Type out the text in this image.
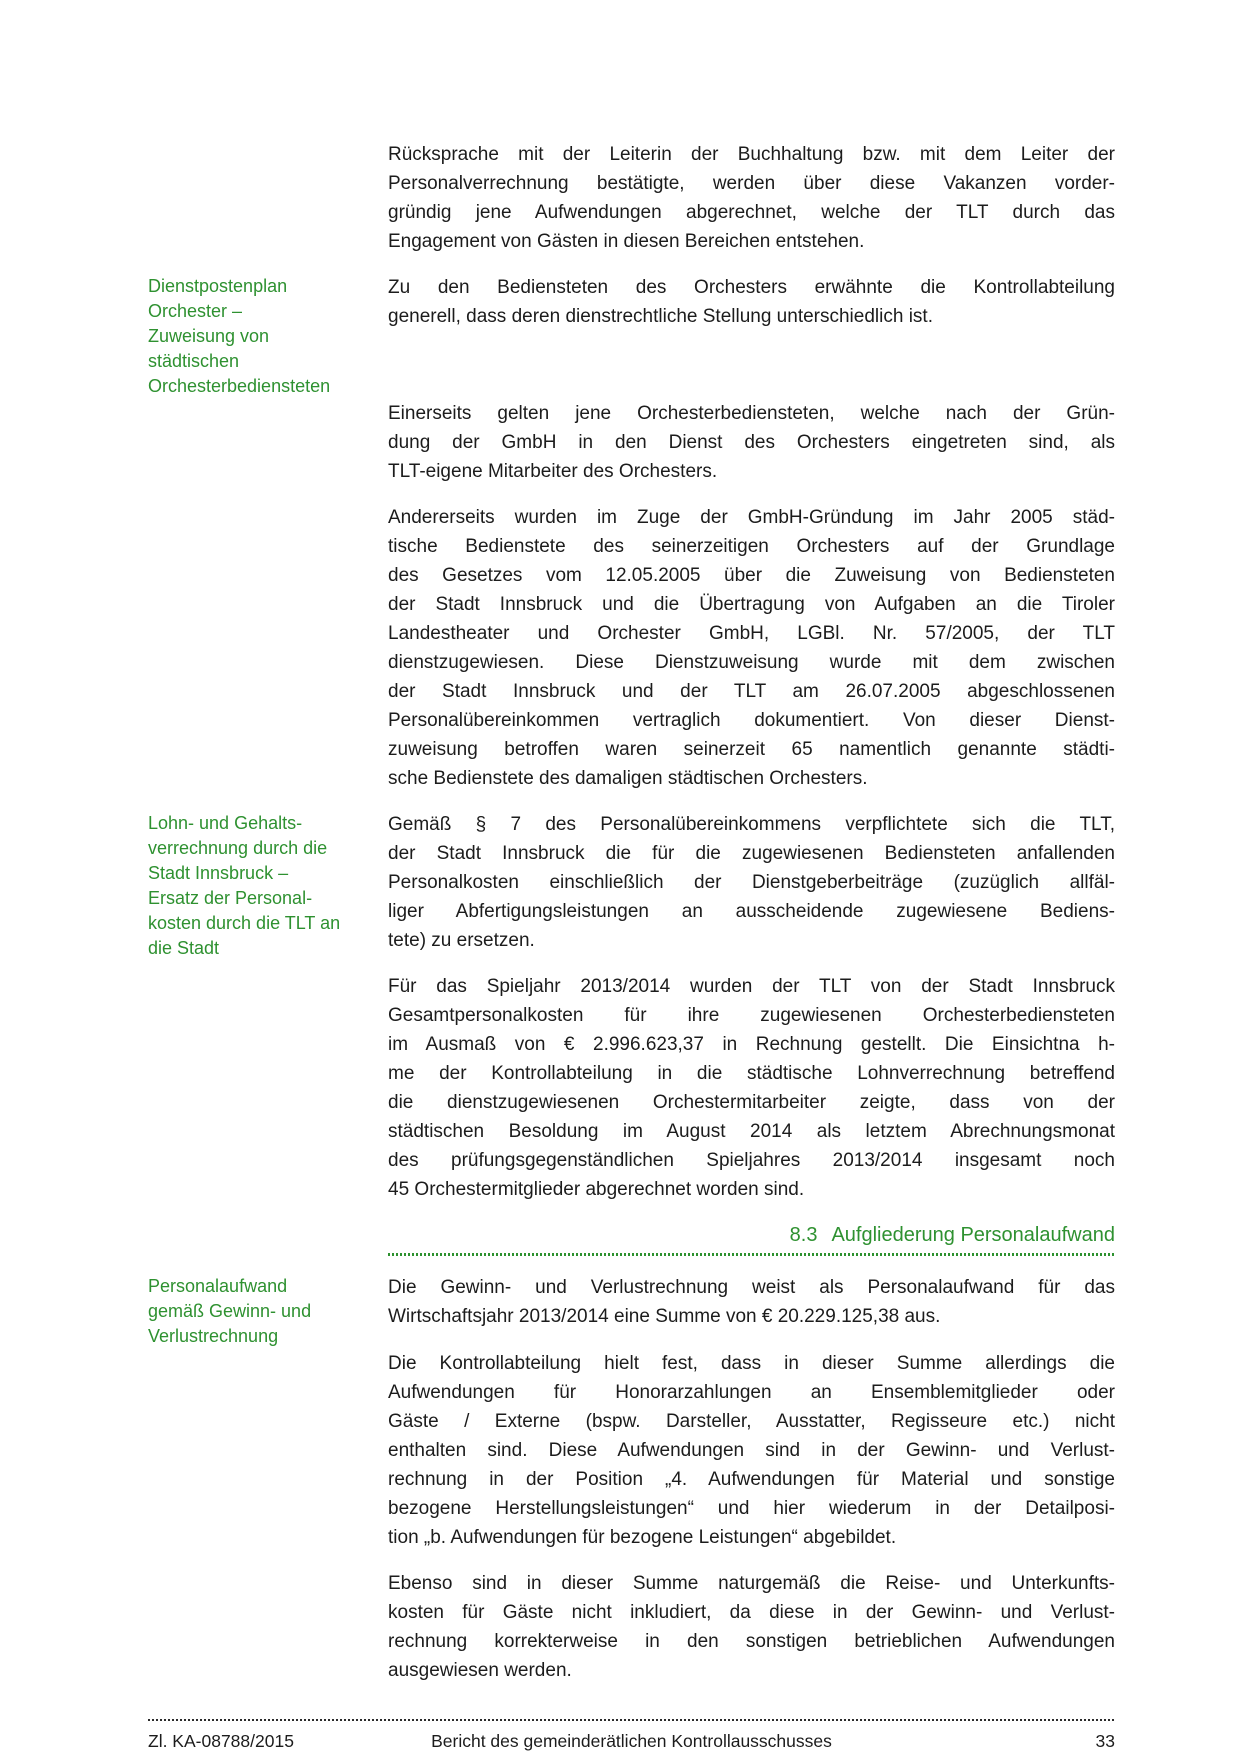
Rücksprache mit der Leiterin der Buchhaltung bzw. mit dem Leiter der
Personalverrechnung bestätigte, werden über diese Vakanzen vorder-
gründig jene Aufwendungen abgerechnet, welche der TLT durch das
Engagement von Gästen in diesen Bereichen entstehen.
Dienstpostenplan
Orchester –
Zuweisung von
städtischen
Orchesterbediensteten
Zu den Bediensteten des Orchesters erwähnte die Kontrollabteilung
generell, dass deren dienstrechtliche Stellung unterschiedlich ist.
Einerseits gelten jene Orchesterbediensteten, welche nach der Grün-
dung der GmbH in den Dienst des Orchesters eingetreten sind, als
TLT-eigene Mitarbeiter des Orchesters.
Andererseits wurden im Zuge der GmbH-Gründung im Jahr 2005 städ-
tische Bedienstete des seinerzeitigen Orchesters auf der Grundlage
des Gesetzes vom 12.05.2005 über die Zuweisung von Bediensteten
der Stadt Innsbruck und die Übertragung von Aufgaben an die Tiroler
Landestheater und Orchester GmbH, LGBl. Nr. 57/2005, der TLT
dienstzugewiesen. Diese Dienstzuweisung wurde mit dem zwischen
der Stadt Innsbruck und der TLT am 26.07.2005 abgeschlossenen
Personalübereinkommen vertraglich dokumentiert. Von dieser Dienst-
zuweisung betroffen waren seinerzeit 65 namentlich genannte städti-
sche Bedienstete des damaligen städtischen Orchesters.
Lohn- und Gehalts-
verrechnung durch die
Stadt Innsbruck –
Ersatz der Personal-
kosten durch die TLT an
die Stadt
Gemäß § 7 des Personalübereinkommens verpflichtete sich die TLT,
der Stadt Innsbruck die für die zugewiesenen Bediensteten anfallenden
Personalkosten einschließlich der Dienstgeberbeiträge (zuzüglich allfäl-
liger Abfertigungsleistungen an ausscheidende zugewiesene Bediens-
tete) zu ersetzen.
Für das Spieljahr 2013/2014 wurden der TLT von der Stadt Innsbruck
Gesamtpersonalkosten für ihre zugewiesenen Orchesterbediensteten
im Ausmaß von € 2.996.623,37 in Rechnung gestellt. Die Einsichtna h-
me der Kontrollabteilung in die städtische Lohnverrechnung betreffend
die dienstzugewiesenen Orchestermitarbeiter zeigte, dass von der
städtischen Besoldung im August 2014 als letztem Abrechnungsmonat
des prüfungsgegenständlichen Spieljahres 2013/2014 insgesamt noch
45 Orchestermitglieder abgerechnet worden sind.
8.3 Aufgliederung Personalaufwand
Personalaufwand
gemäß Gewinn- und
Verlustrechnung
Die Gewinn- und Verlustrechnung weist als Personalaufwand für das
Wirtschaftsjahr 2013/2014 eine Summe von € 20.229.125,38 aus.
Die Kontrollabteilung hielt fest, dass in dieser Summe allerdings die
Aufwendungen für Honorarzahlungen an Ensemblemitglieder oder
Gäste / Externe (bspw. Darsteller, Ausstatter, Regisseure etc.) nicht
enthalten sind. Diese Aufwendungen sind in der Gewinn- und Verlust-
rechnung in der Position „4. Aufwendungen für Material und sonstige
bezogene Herstellungsleistungen“ und hier wiederum in der Detailposi-
tion „b. Aufwendungen für bezogene Leistungen“ abgebildet.
Ebenso sind in dieser Summe naturgemäß die Reise- und Unterkunfts-
kosten für Gäste nicht inkludiert, da diese in der Gewinn- und Verlust-
rechnung korrekterweise in den sonstigen betrieblichen Aufwendungen
ausgewiesen werden.
Zl. KA-08788/2015	Bericht des gemeinderätlichen Kontrollausschusses	33
